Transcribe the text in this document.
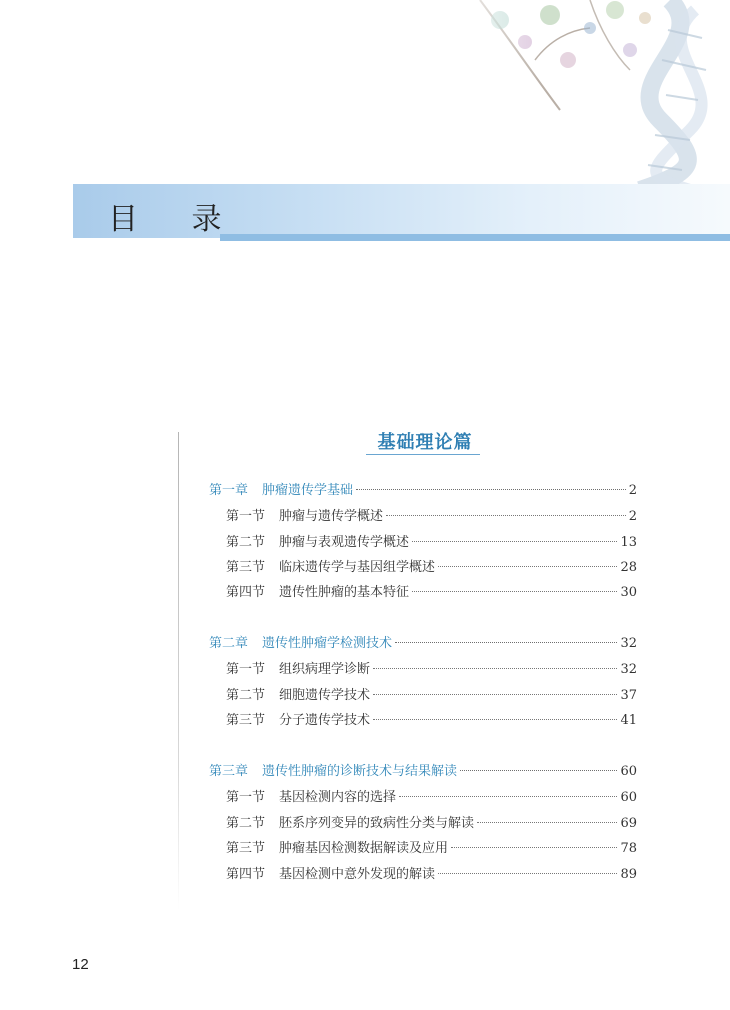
目 录
基础理论篇
第一章 肿瘤遗传学基础	2
第一节 肿瘤与遗传学概述	2
第二节 肿瘤与表观遗传学概述	13
第三节 临床遗传学与基因组学概述	28
第四节 遗传性肿瘤的基本特征	30
第二章 遗传性肿瘤学检测技术	32
第一节 组织病理学诊断	32
第二节 细胞遗传学技术	37
第三节 分子遗传学技术	41
第三章 遗传性肿瘤的诊断技术与结果解读	60
第一节 基因检测内容的选择	60
第二节 胚系序列变异的致病性分类与解读	69
第三节 肿瘤基因检测数据解读及应用	78
第四节 基因检测中意外发现的解读	89
12
